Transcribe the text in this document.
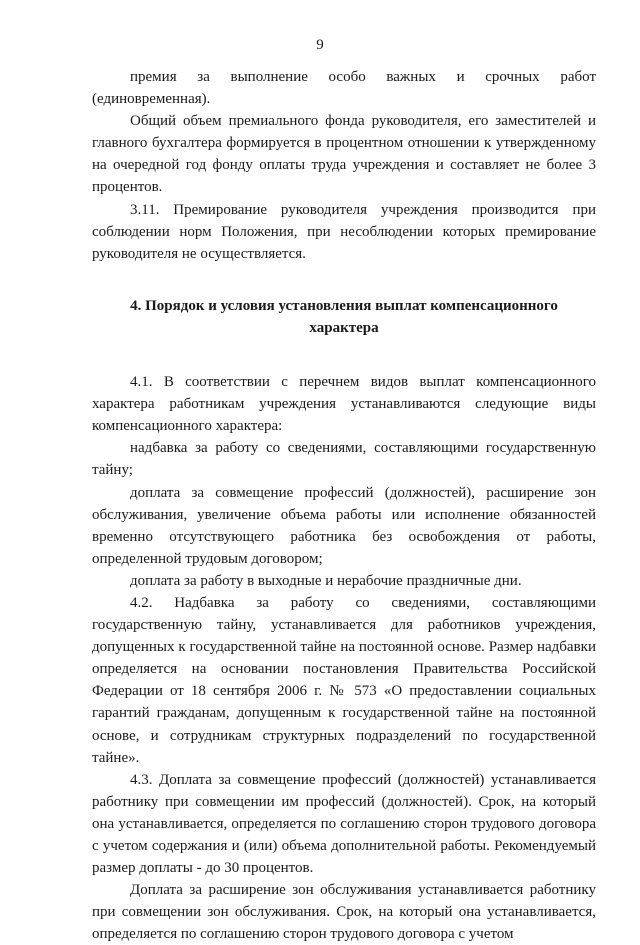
9

премия за выполнение особо важных и срочных работ (единовременная).

Общий объем премиального фонда руководителя, его заместителей и главного бухгалтера формируется в процентном отношении к утвержденному на очередной год фонду оплаты труда учреждения и составляет не более 3 процентов.

3.11. Премирование руководителя учреждения производится при соблюдении норм Положения, при несоблюдении которых премирование руководителя не осуществляется.

4. Порядок и условия установления выплат компенсационного
характера

4.1. В соответствии с перечнем видов выплат компенсационного характера работникам учреждения устанавливаются следующие виды компенсационного характера:

надбавка за работу со сведениями, составляющими государственную тайну;

доплата за совмещение профессий (должностей), расширение зон обслуживания, увеличение объема работы или исполнение обязанностей временно отсутствующего работника без освобождения от работы, определенной трудовым договором;

доплата за работу в выходные и нерабочие праздничные дни.

4.2. Надбавка за работу со сведениями, составляющими государственную тайну, устанавливается для работников учреждения, допущенных к государственной тайне на постоянной основе. Размер надбавки определяется на основании постановления Правительства Российской Федерации от 18 сентября 2006 г. № 573 «О предоставлении социальных гарантий гражданам, допущенным к государственной тайне на постоянной основе, и сотрудникам структурных подразделений по государственной тайне».

4.3. Доплата за совмещение профессий (должностей) устанавливается работнику при совмещении им профессий (должностей). Срок, на который она устанавливается, определяется по соглашению сторон трудового договора с учетом содержания и (или) объема дополнительной работы. Рекомендуемый размер доплаты - до 30 процентов.

Доплата за расширение зон обслуживания устанавливается работнику при совмещении зон обслуживания. Срок, на который она устанавливается, определяется по соглашению сторон трудового договора с учетом
